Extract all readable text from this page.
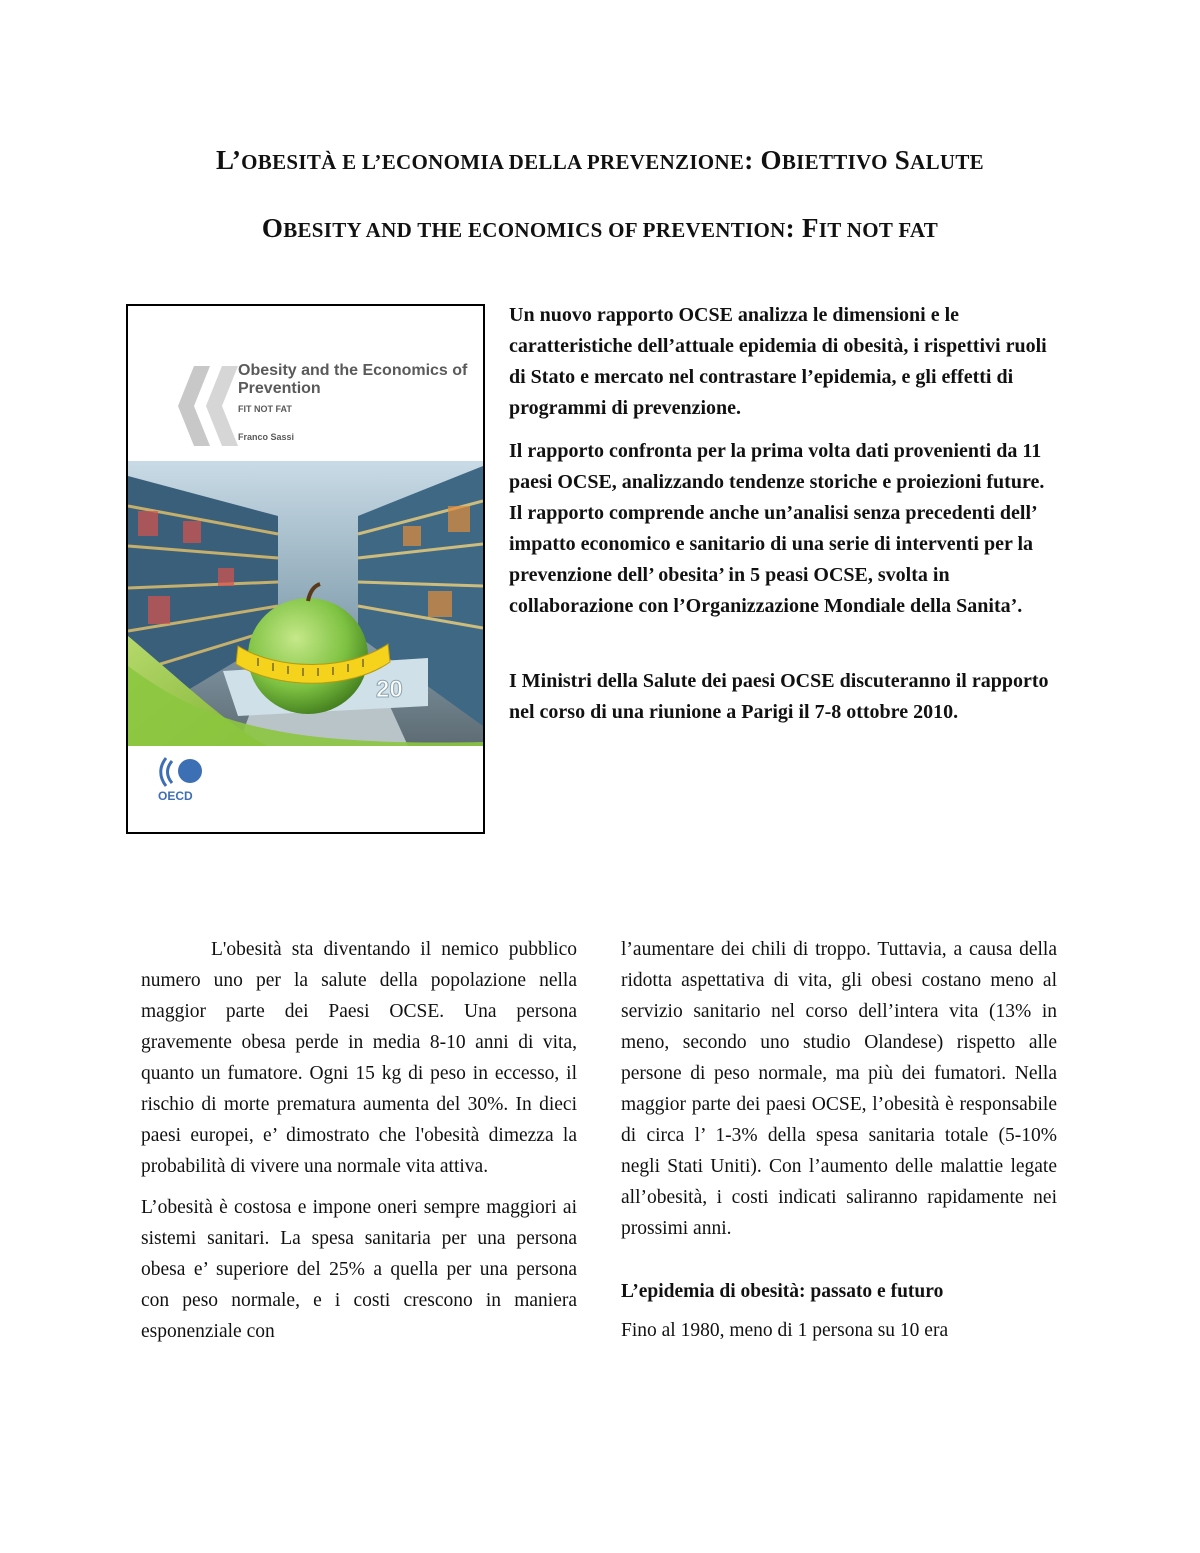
L’OBESITÀ E L’ECONOMIA DELLA PREVENZIONE: OBIETTIVO SALUTE
OBESITY AND THE ECONOMICS OF PREVENTION: FIT NOT FAT
20
Obesity and the Economics of Prevention
FIT NOT FAT
Franco Sassi
OECD

Un nuovo rapporto OCSE analizza le dimensioni e le caratteristiche dell’attuale epidemia di obesità, i rispettivi ruoli di Stato e mercato nel contrastare l’epidemia, e gli effetti di programmi di prevenzione.

Il rapporto confronta per la prima volta dati provenienti da 11 paesi OCSE, analizzando tendenze storiche e proiezioni future. Il rapporto comprende anche un’analisi senza precedenti dell’ impatto economico e sanitario di una serie di interventi per la prevenzione dell’ obesita’ in 5 peasi OCSE, svolta in collaborazione con l’Organizzazione Mondiale della Sanita’.

I Ministri della Salute dei paesi OCSE discuteranno il rapporto nel corso di una riunione a Parigi il 7-8 ottobre 2010.

L'obesità sta diventando il nemico pubblico numero uno per la salute della popolazione nella maggior parte dei Paesi OCSE. Una persona gravemente obesa perde in media 8-10 anni di vita, quanto un fumatore. Ogni 15 kg di peso in eccesso, il rischio di morte prematura aumenta del 30%. In dieci paesi europei, e’ dimostrato che l'obesità dimezza la probabilità di vivere una normale vita attiva.

L’obesità è costosa e impone oneri sempre maggiori ai sistemi sanitari. La spesa sanitaria per una persona obesa e’ superiore del 25% a quella per una persona con peso normale, e i costi crescono in maniera esponenziale con

l’aumentare dei chili di troppo. Tuttavia, a causa della ridotta aspettativa di vita, gli obesi costano meno al servizio sanitario nel corso dell’intera vita (13% in meno, secondo uno studio Olandese) rispetto alle persone di peso normale, ma più dei fumatori. Nella maggior parte dei paesi OCSE, l’obesità è responsabile di circa l’ 1-3% della spesa sanitaria totale (5-10% negli Stati Uniti). Con l’aumento delle malattie legate all’obesità, i costi indicati saliranno rapidamente nei prossimi anni.

L’epidemia di obesità: passato e futuro

Fino al 1980, meno di 1 persona su 10 era
